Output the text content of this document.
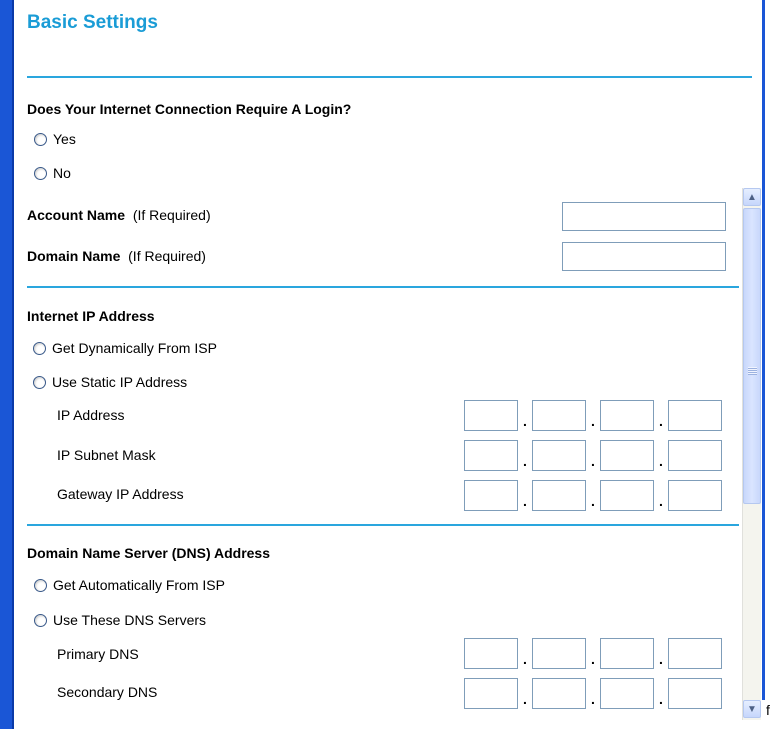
Basic Settings
Does Your Internet Connection Require A Login?
Yes
No
Account Name (If Required)
Domain Name (If Required)
Internet IP Address
Get Dynamically From ISP
Use Static IP Address
IP Address	.	.	.
IP Subnet Mask	.	.	.
Gateway IP Address	.	.	.
Domain Name Server (DNS) Address
Get Automatically From ISP
Use These DNS Servers
Primary DNS	.	.	.
Secondary DNS	.	.	.
▲
▼ f
